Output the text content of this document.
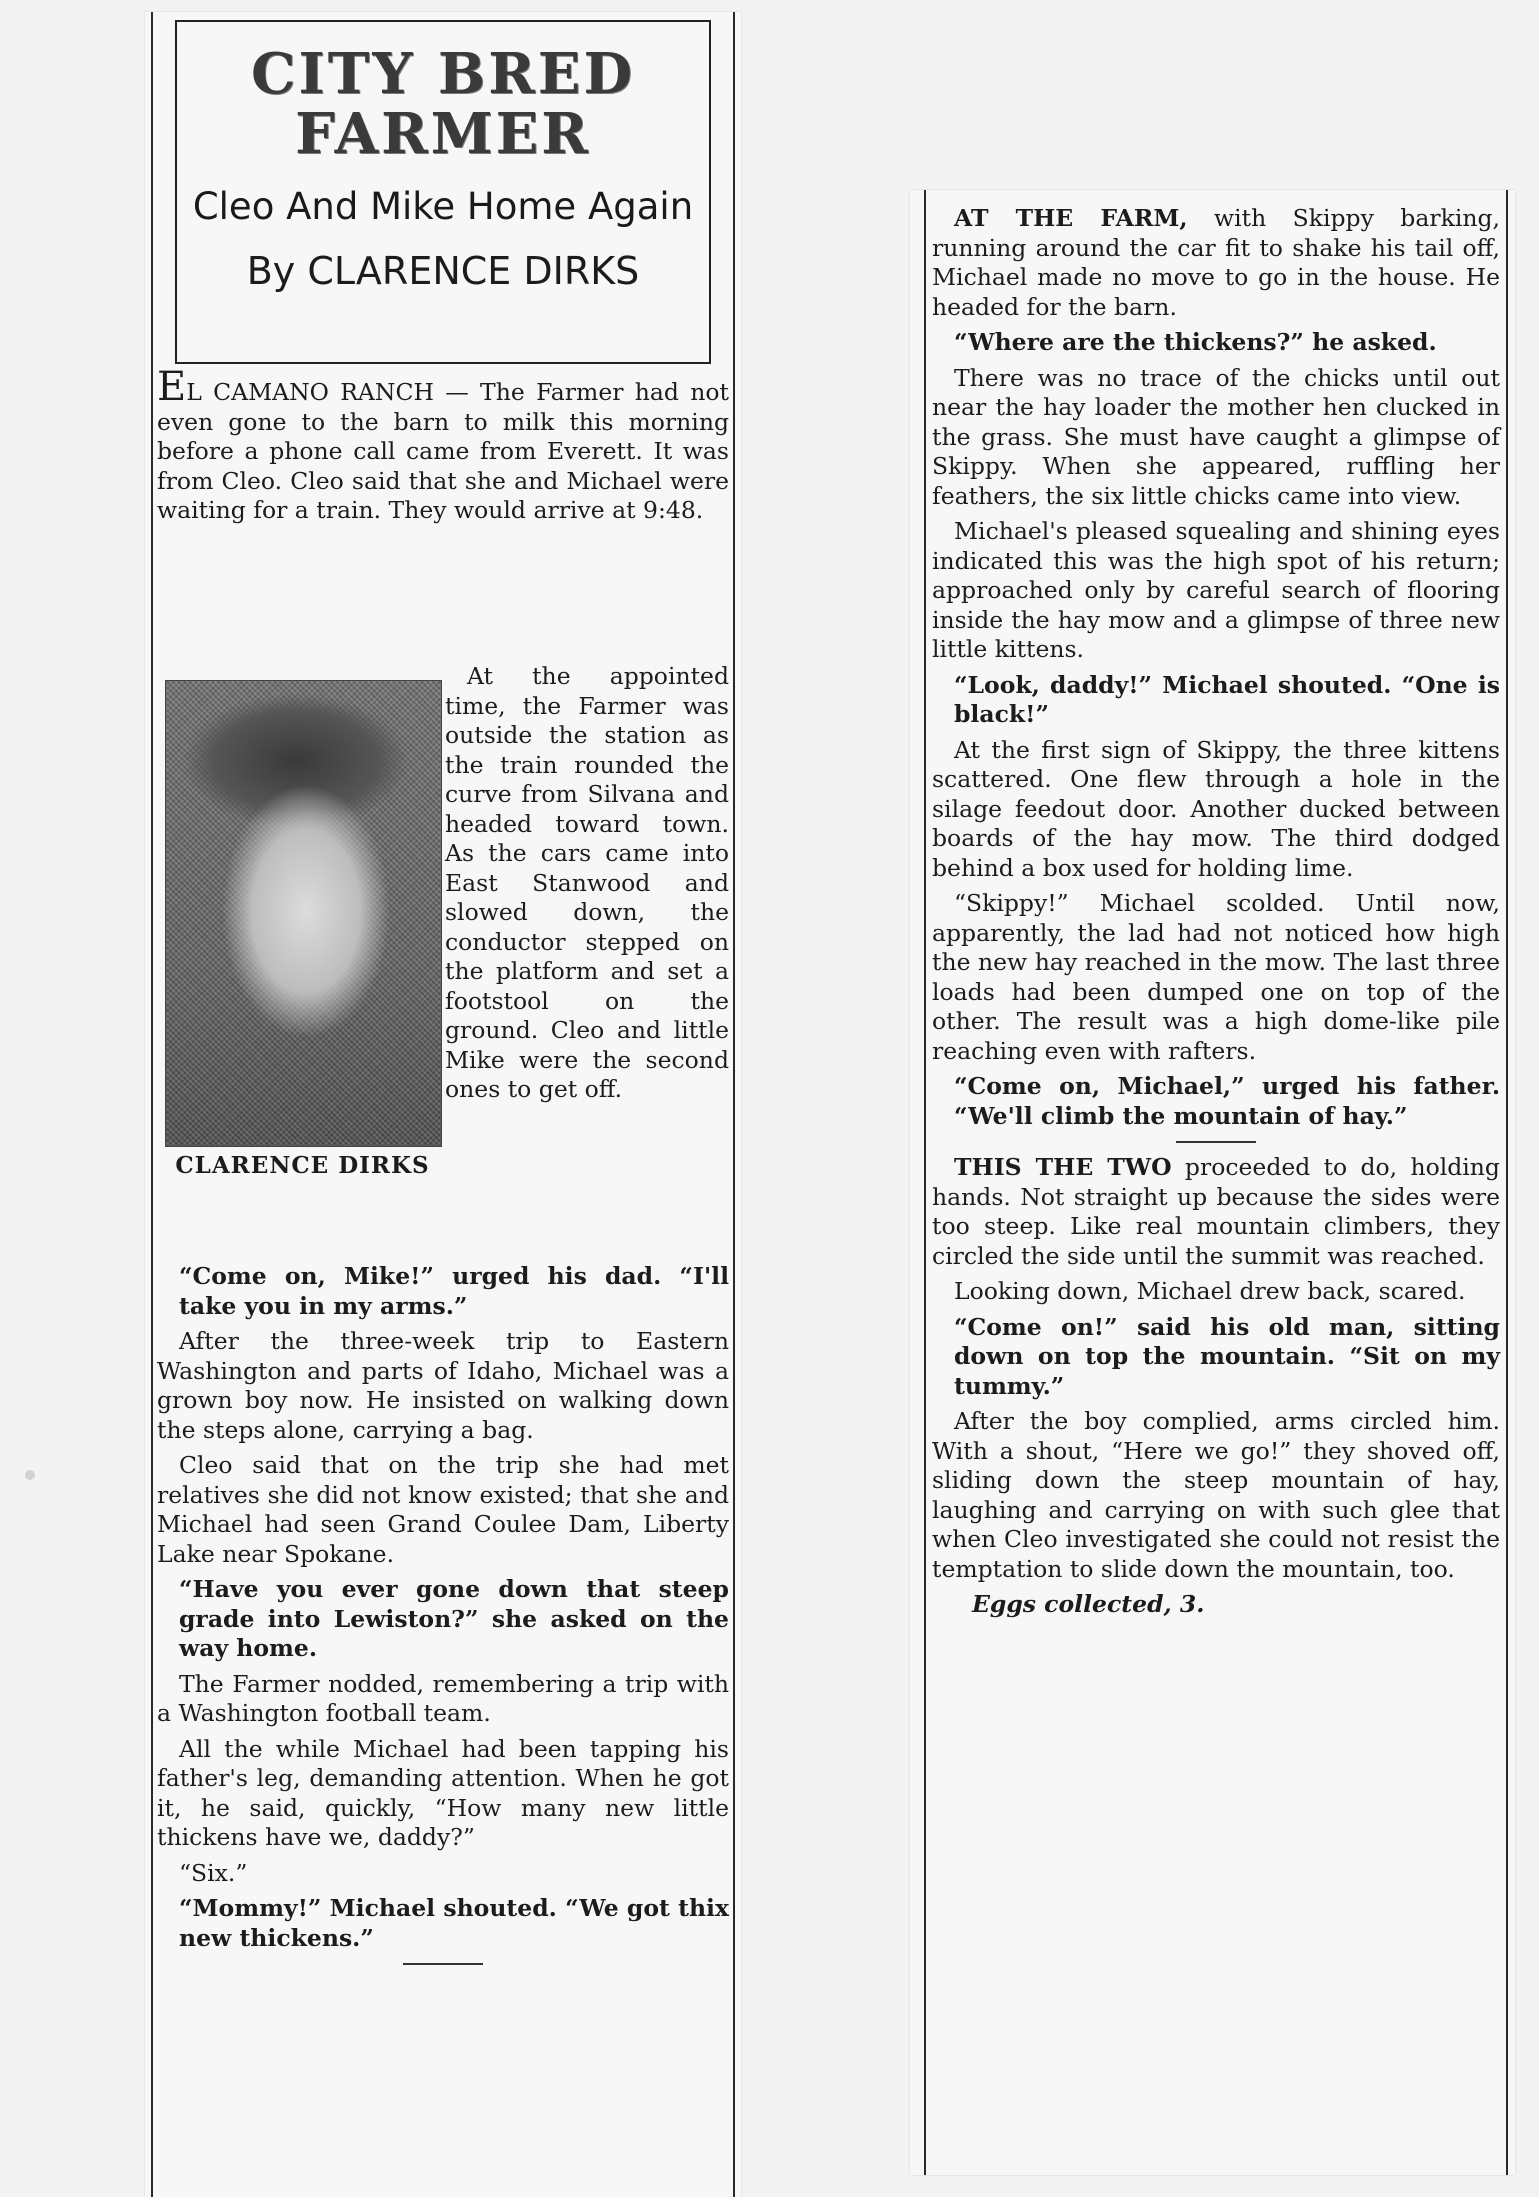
CITY BRED FARMER
Cleo And Mike Home Again
By CLARENCE DIRKS

EL CAMANO RANCH — The Farmer had not even gone to the barn to milk this morning before a phone call came from Everett. It was from Cleo. Cleo said that she and Michael were waiting for a train. They would arrive at 9:48.

CLARENCE DIRKS

At the appointed time, the Farmer was outside the station as the train rounded the curve from Silvana and headed toward town. As the cars came into East Stanwood and slowed down, the conductor stepped on the platform and set a footstool on the ground. Cleo and little Mike were the second ones to get off.

“Come on, Mike!” urged his dad. “I'll take you in my arms.”

After the three-week trip to Eastern Washington and parts of Idaho, Michael was a grown boy now. He insisted on walking down the steps alone, carrying a bag.

Cleo said that on the trip she had met relatives she did not know existed; that she and Michael had seen Grand Coulee Dam, Liberty Lake near Spokane.

“Have you ever gone down that steep grade into Lewiston?” she asked on the way home.

The Farmer nodded, remembering a trip with a Washington football team.

All the while Michael had been tapping his father's leg, demanding attention. When he got it, he said, quickly, “How many new little thickens have we, daddy?”

“Six.”

“Mommy!” Michael shouted. “We got thix new thickens.”

AT THE FARM, with Skippy barking, running around the car fit to shake his tail off, Michael made no move to go in the house. He headed for the barn.

“Where are the thickens?” he asked.

There was no trace of the chicks until out near the hay loader the mother hen clucked in the grass. She must have caught a glimpse of Skippy. When she appeared, ruffling her feathers, the six little chicks came into view.

Michael's pleased squealing and shining eyes indicated this was the high spot of his return; approached only by careful search of flooring inside the hay mow and a glimpse of three new little kittens.

“Look, daddy!” Michael shouted. “One is black!”

At the first sign of Skippy, the three kittens scattered. One flew through a hole in the silage feedout door. Another ducked between boards of the hay mow. The third dodged behind a box used for holding lime.

“Skippy!” Michael scolded. Until now, apparently, the lad had not noticed how high the new hay reached in the mow. The last three loads had been dumped one on top of the other. The result was a high dome-like pile reaching even with rafters.

“Come on, Michael,” urged his father. “We'll climb the mountain of hay.”

THIS THE TWO proceeded to do, holding hands. Not straight up because the sides were too steep. Like real mountain climbers, they circled the side until the summit was reached.

Looking down, Michael drew back, scared.

“Come on!” said his old man, sitting down on top the mountain. “Sit on my tummy.”

After the boy complied, arms circled him. With a shout, “Here we go!” they shoved off, sliding down the steep mountain of hay, laughing and carrying on with such glee that when Cleo investigated she could not resist the temptation to slide down the mountain, too.

Eggs collected, 3.
